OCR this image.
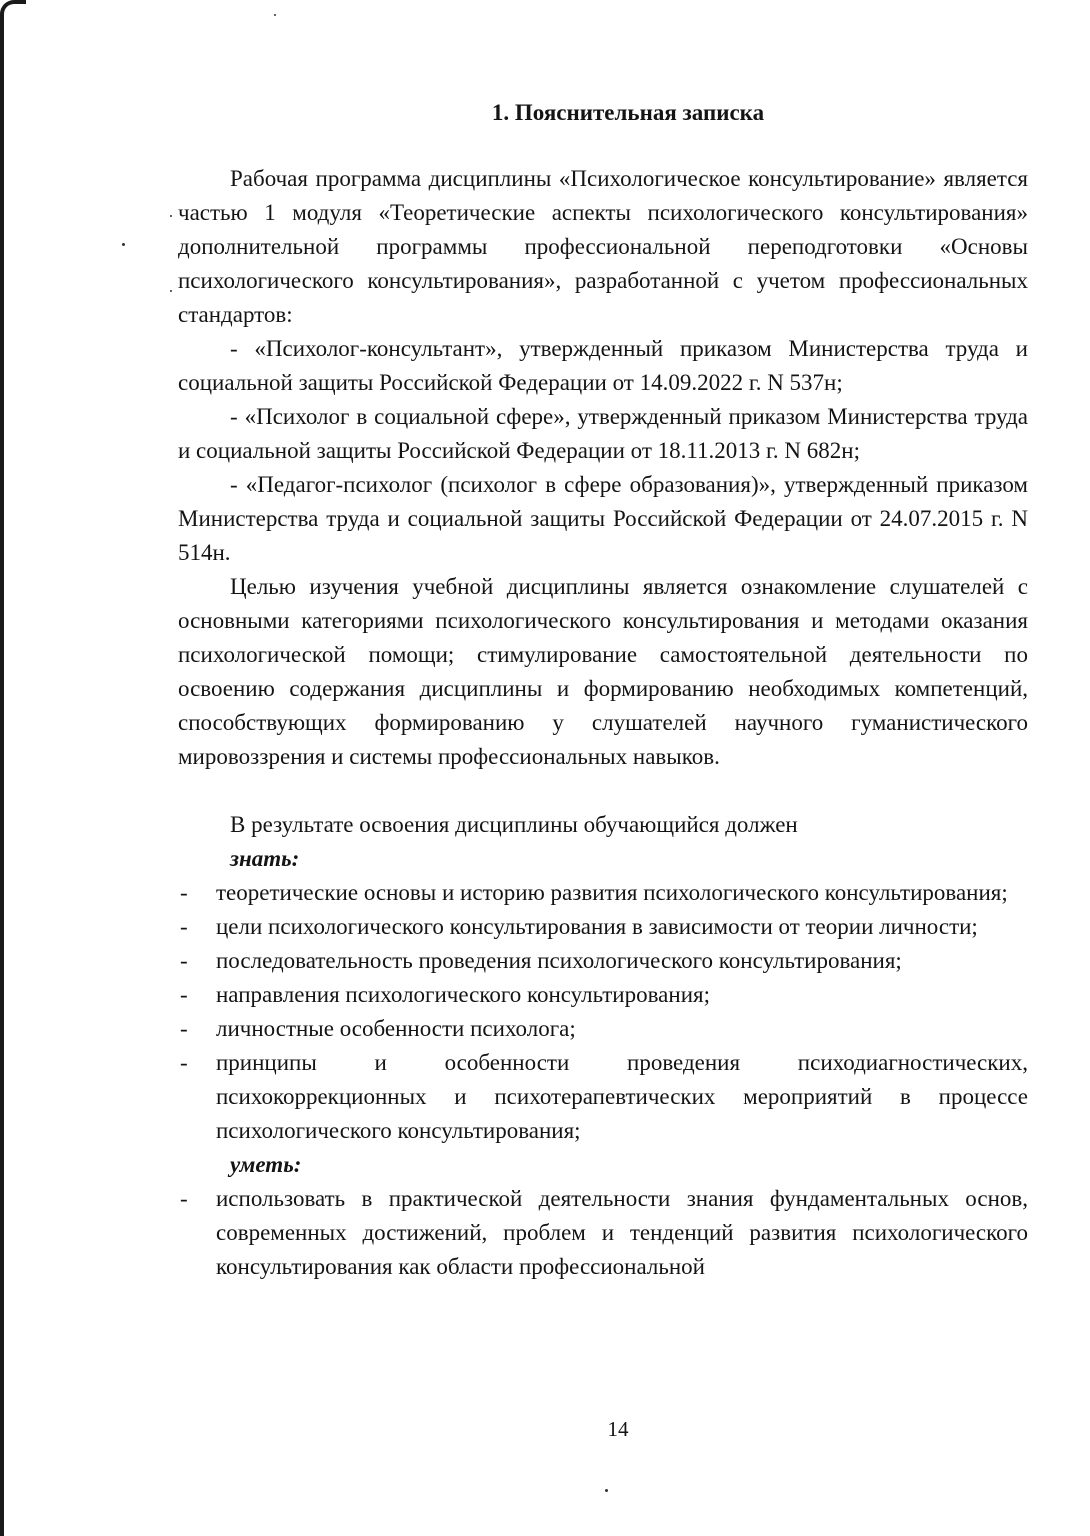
1. Пояснительная записка

Рабочая программа дисциплины «Психологическое консультирование» является частью 1 модуля «Теоретические аспекты психологического консультирования» дополнительной программы профессиональной переподготовки «Основы психологического консультирования», разработанной с учетом профессиональных стандартов:

- «Психолог-консультант», утвержденный приказом Министерства труда и социальной защиты Российской Федерации от 14.09.2022 г. N 537н;

- «Психолог в социальной сфере», утвержденный приказом Министерства труда и социальной защиты Российской Федерации от 18.11.2013 г. N 682н;

- «Педагог-психолог (психолог в сфере образования)», утвержденный приказом Министерства труда и социальной защиты Российской Федерации от 24.07.2015 г. N 514н.

Целью изучения учебной дисциплины является ознакомление слушателей с основными категориями психологического консультирования и методами оказания психологической помощи; стимулирование самостоятельной деятельности по освоению содержания дисциплины и формированию необходимых компетенций, способствующих формированию у слушателей научного гуманистического мировоззрения и системы профессиональных навыков.

В результате освоения дисциплины обучающийся должен

знать:

- теоретические основы и историю развития психологического консультирования;
- цели психологического консультирования в зависимости от теории личности;
- последовательность проведения психологического консультирования;
- направления психологического консультирования;
- личностные особенности психолога;
- принципы и особенности проведения психодиагностических, психокоррекционных и психотерапевтических мероприятий в процессе психологического консультирования;

уметь:

- использовать в практической деятельности знания фундаментальных основ, современных достижений, проблем и тенденций развития психологического консультирования как области профессиональной
14
